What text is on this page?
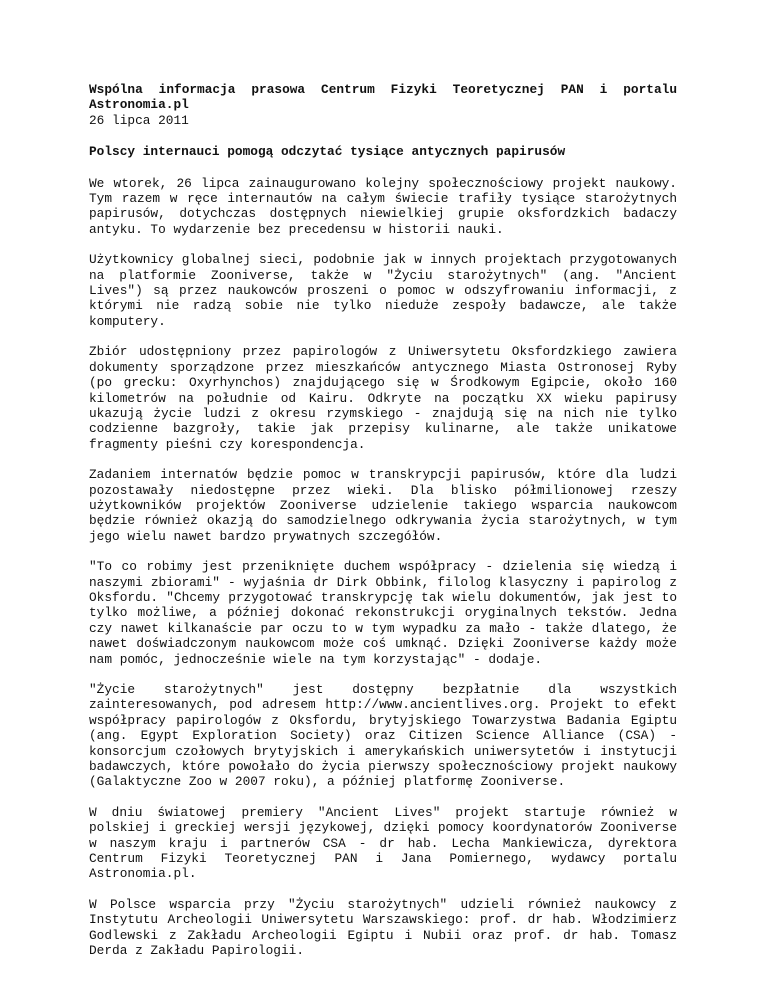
Wspólna informacja prasowa Centrum Fizyki Teoretycznej PAN i portalu Astronomia.pl

26 lipca 2011

Polscy internauci pomogą odczytać tysiące antycznych papirusów

We wtorek, 26 lipca zainaugurowano kolejny społecznościowy projekt naukowy. Tym razem w ręce internautów na całym świecie trafiły tysiące starożytnych papirusów, dotychczas dostępnych niewielkiej grupie oksfordzkich badaczy antyku. To wydarzenie bez precedensu w historii nauki.

Użytkownicy globalnej sieci, podobnie jak w innych projektach przygotowanych na platformie Zooniverse, także w "Życiu starożytnych" (ang. "Ancient Lives") są przez naukowców proszeni o pomoc w odszyfrowaniu informacji, z którymi nie radzą sobie nie tylko nieduże zespoły badawcze, ale także komputery.

Zbiór udostępniony przez papirologów z Uniwersytetu Oksfordzkiego zawiera dokumenty sporządzone przez mieszkańców antycznego Miasta Ostronosej Ryby (po grecku: Oxyrhynchos) znajdującego się w Środkowym Egipcie, około 160 kilometrów na południe od Kairu. Odkryte na początku XX wieku papirusy ukazują życie ludzi z okresu rzymskiego - znajdują się na nich nie tylko codzienne bazgroły, takie jak przepisy kulinarne, ale także unikatowe fragmenty pieśni czy korespondencja.

Zadaniem internatów będzie pomoc w transkrypcji papirusów, które dla ludzi pozostawały niedostępne przez wieki. Dla blisko półmilionowej rzeszy użytkowników projektów Zooniverse udzielenie takiego wsparcia naukowcom będzie również okazją do samodzielnego odkrywania życia starożytnych, w tym jego wielu nawet bardzo prywatnych szczegółów.

"To co robimy jest przeniknięte duchem współpracy - dzielenia się wiedzą i naszymi zbiorami" - wyjaśnia dr Dirk Obbink, filolog klasyczny i papirolog z Oksfordu. "Chcemy przygotować transkrypcję tak wielu dokumentów, jak jest to tylko możliwe, a później dokonać rekonstrukcji oryginalnych tekstów. Jedna czy nawet kilkanaście par oczu to w tym wypadku za mało - także dlatego, że nawet doświadczonym naukowcom może coś umknąć. Dzięki Zooniverse każdy może nam pomóc, jednocześnie wiele na tym korzystając" - dodaje.

"Życie starożytnych" jest dostępny bezpłatnie dla wszystkich zainteresowanych, pod adresem http://www.ancientlives.org. Projekt to efekt współpracy papirologów z Oksfordu, brytyjskiego Towarzystwa Badania Egiptu (ang. Egypt Exploration Society) oraz Citizen Science Alliance (CSA) - konsorcjum czołowych brytyjskich i amerykańskich uniwersytetów i instytucji badawczych, które powołało do życia pierwszy społecznościowy projekt naukowy (Galaktyczne Zoo w 2007 roku), a później platformę Zooniverse.

W dniu światowej premiery "Ancient Lives" projekt startuje również w polskiej i greckiej wersji językowej, dzięki pomocy koordynatorów Zooniverse w naszym kraju i partnerów CSA - dr hab. Lecha Mankiewicza, dyrektora Centrum Fizyki Teoretycznej PAN i Jana Pomiernego, wydawcy portalu Astronomia.pl.

W Polsce wsparcia przy "Życiu starożytnych" udzieli również naukowcy z Instytutu Archeologii Uniwersytetu Warszawskiego: prof. dr hab. Włodzimierz Godlewski z Zakładu Archeologii Egiptu i Nubii oraz prof. dr hab. Tomasz Derda z Zakładu Papirologii.
